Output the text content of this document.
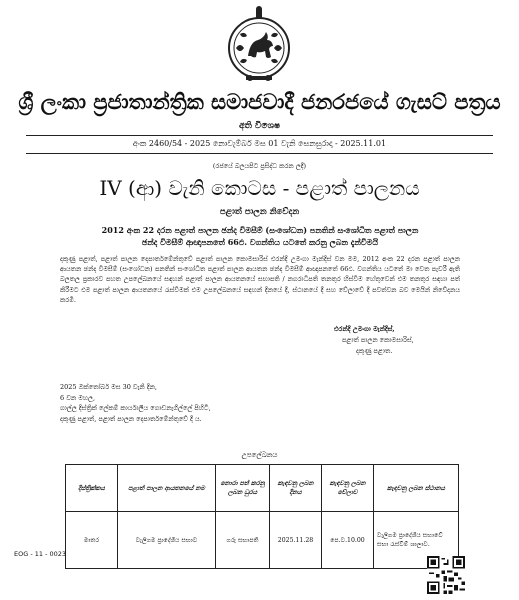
ශ්‍රී ලංකා ප්‍රජාතාන්ත්‍රික සමාජවාදී ජනරජයේ ගැසට් පත්‍රය
අති විශෙෂ
අංක 2460/54 - 2025 නොවැම්බර් මස 01 වැනි සෙනසුරාදා - 2025.11.01
(රජයේ බලයපිට ප්‍රසිද්ධ කරන ලදී)
IV (ආ) වැනි කොටස - පළාත් පාලනය
පළාත් පාලන නිවේදන
2012 අංක 22 දරන පළාත් පාලන ඡන්ද විමසීම් (සංශෝධන) පනතින් සංශෝධිත පළාත් පාලන
ඡන්ද විමසීම් ආඥාපනතේ 66ඵ. වගන්තිය යටතේ කරනු ලබන දැන්වීමයි
දකුණු පළාත්, පළාත් පාලන දෙපාර්තමේන්තුවේ පළාත් පාලන කොමසාරිස් එරන්දි උමංගා මැන්දිස් වන මම, 2012 අංක 22 දරන පළාත් පාලන ආයතන ඡන්ද විමසීම් (සංශෝධන) පනතින් සංශෝධිත පළාත් පාලන ආයතන ඡන්ද විමසීම් ආඥාපනතේ 66ඵ. වගන්තිය යටතේ මා වෙත පැවරී ඇති බලතල ප්‍රකාරව පහත උපලේඛනයේ සඳහන් පළාත් පාලන ආයතනයේ සභාපති / නගරාධිපති තනතුර හිස්වීම හේතුවෙන් එම තනතුර සඳහා පත් කිරීමට එම පළාත් පාලන ආයතනයේ රැස්වීමක් එම උපලේඛනයේ සඳහන් දිනයේ දී, ස්ථානයේ දී සහ වේලාවේ දී පවත්වන බව මෙයින් නිවේදනය කරමි.
එරන්දි උමංගා මැන්දිස්,
පළාත් පාලන කොමසාරිස්,
දකුණු පළාත.
2025 ඔක්තෝබර් මස 30 වැනි දින,
6 වන මහල,
ගාල්ල දිස්ත්‍රික් ලේකම් කාර්යාලීය ගොඩනැගිල්ලේ පිහිටි,
දකුණු පළාත්, පළාත් පාලන දෙපාර්තමේන්තුවේ දී ය.
උපලේඛනය
දිස්ත්‍රික්කය	පළාත් පාලන ආයතනයේ නම	නොරා පත් කරනු ලබන ධුරය	කැඳවනු ලබන දිනය	කැඳවනු ලබන වේලාව	කැඳවනු ලබන ස්ථානය
මාතර	වැලිගම ප්‍රාදේශීය සභාව	ගරු සභාපති	2025.11.28	පෙ.ව.10.00	වැලිගම ප්‍රාදේශීය සභාවේ සභා රැස්වීම් ශාලාව.
EOG - 11 - 0023
